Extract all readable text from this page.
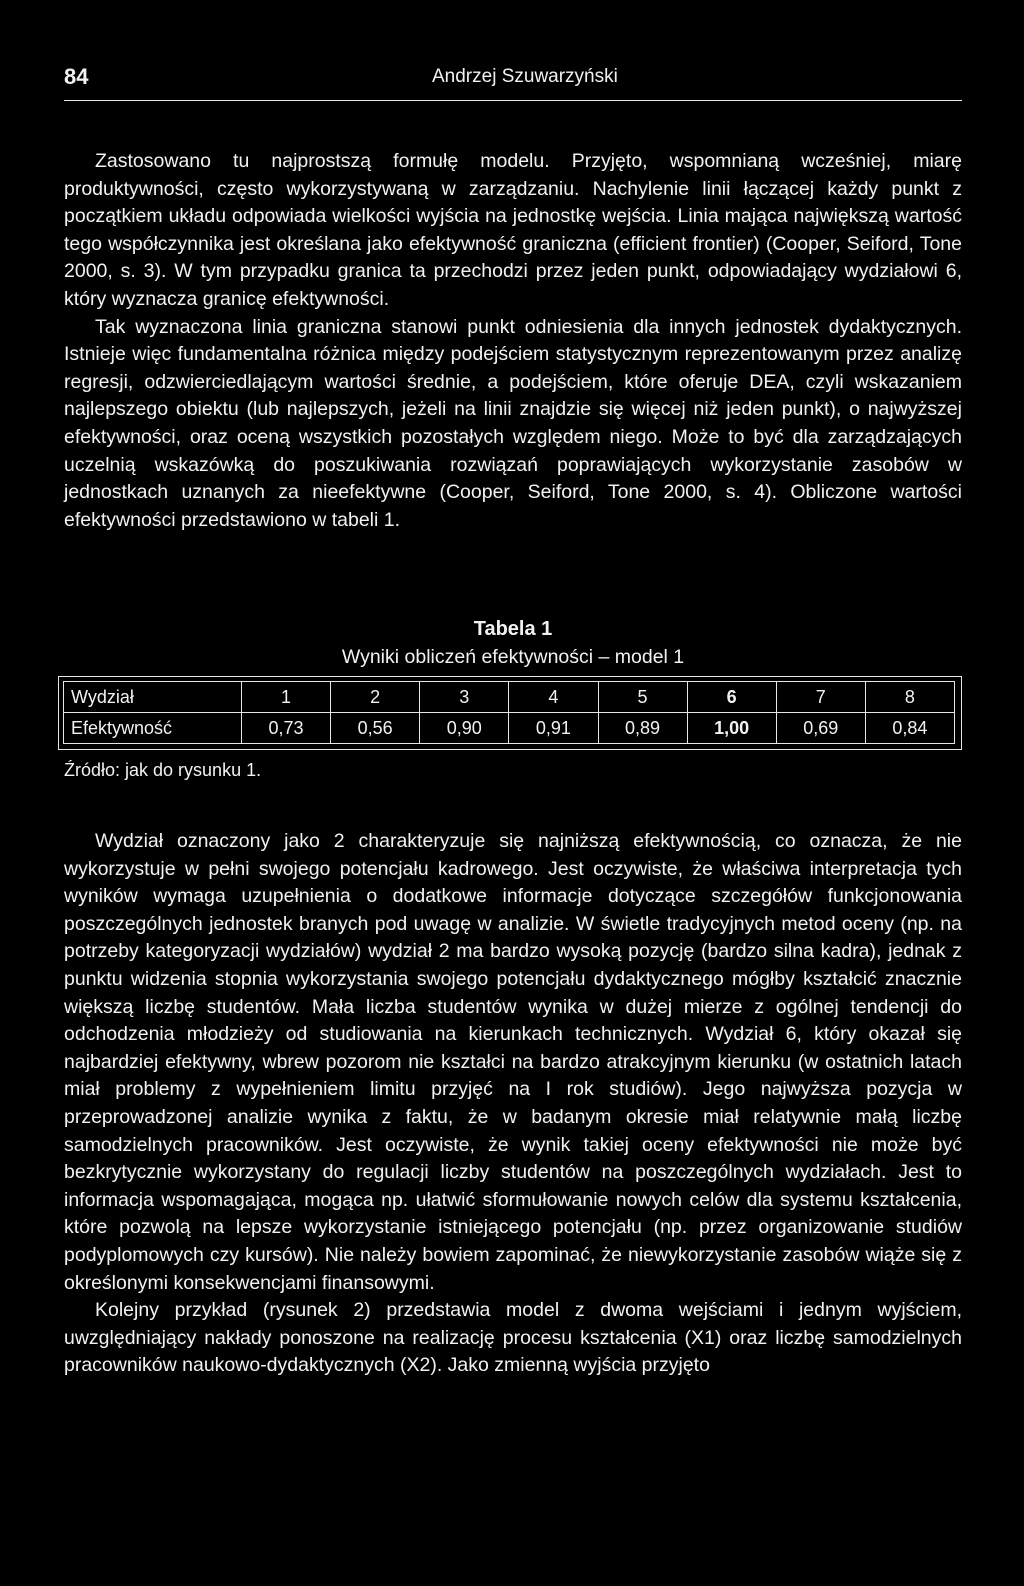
84	Andrzej Szuwarzyński

Zastosowano tu najprostszą formułę modelu. Przyjęto, wspomnianą wcześniej, miarę produktywności, często wykorzystywaną w zarządzaniu. Nachylenie linii łączącej każdy punkt z początkiem układu odpowiada wielkości wyjścia na jednostkę wejścia. Linia mająca największą wartość tego współczynnika jest określana jako efektywność graniczna (efficient frontier) (Cooper, Seiford, Tone 2000, s. 3). W tym przypadku granica ta przechodzi przez jeden punkt, odpowiadający wydziałowi 6, który wyznacza granicę efektywności.

Tak wyznaczona linia graniczna stanowi punkt odniesienia dla innych jednostek dydaktycznych. Istnieje więc fundamentalna różnica między podejściem statystycznym reprezentowanym przez analizę regresji, odzwierciedlającym wartości średnie, a podejściem, które oferuje DEA, czyli wskazaniem najlepszego obiektu (lub najlepszych, jeżeli na linii znajdzie się więcej niż jeden punkt), o najwyższej efektywności, oraz oceną wszystkich pozostałych względem niego. Może to być dla zarządzających uczelnią wskazówką do poszukiwania rozwiązań poprawiających wykorzystanie zasobów w jednostkach uznanych za nieefektywne (Cooper, Seiford, Tone 2000, s. 4). Obliczone wartości efektywności przedstawiono w tabeli 1.

Tabela 1
Wyniki obliczeń efektywności – model 1
Wydział	1	2	3	4	5	6	7	8
Efektywność	0,73	0,56	0,90	0,91	0,89	1,00	0,69	0,84
Źródło: jak do rysunku 1.

Wydział oznaczony jako 2 charakteryzuje się najniższą efektywnością, co oznacza, że nie wykorzystuje w pełni swojego potencjału kadrowego. Jest oczywiste, że właściwa interpretacja tych wyników wymaga uzupełnienia o dodatkowe informacje dotyczące szczegółów funkcjonowania poszczególnych jednostek branych pod uwagę w analizie. W świetle tradycyjnych metod oceny (np. na potrzeby kategoryzacji wydziałów) wydział 2 ma bardzo wysoką pozycję (bardzo silna kadra), jednak z punktu widzenia stopnia wykorzystania swojego potencjału dydaktycznego mógłby kształcić znacznie większą liczbę studentów. Mała liczba studentów wynika w dużej mierze z ogólnej tendencji do odchodzenia młodzieży od studiowania na kierunkach technicznych. Wydział 6, który okazał się najbardziej efektywny, wbrew pozorom nie kształci na bardzo atrakcyjnym kierunku (w ostatnich latach miał problemy z wypełnieniem limitu przyjęć na I rok studiów). Jego najwyższa pozycja w przeprowadzonej analizie wynika z faktu, że w badanym okresie miał relatywnie małą liczbę samodzielnych pracowników. Jest oczywiste, że wynik takiej oceny efektywności nie może być bezkrytycznie wykorzystany do regulacji liczby studentów na poszczególnych wydziałach. Jest to informacja wspomagająca, mogąca np. ułatwić sformułowanie nowych celów dla systemu kształcenia, które pozwolą na lepsze wykorzystanie istniejącego potencjału (np. przez organizowanie studiów podyplomowych czy kursów). Nie należy bowiem zapominać, że niewykorzystanie zasobów wiąże się z określonymi konsekwencjami finansowymi.

Kolejny przykład (rysunek 2) przedstawia model z dwoma wejściami i jednym wyjściem, uwzględniający nakłady ponoszone na realizację procesu kształcenia (X1) oraz liczbę samodzielnych pracowników naukowo-dydaktycznych (X2). Jako zmienną wyjścia przyjęto
